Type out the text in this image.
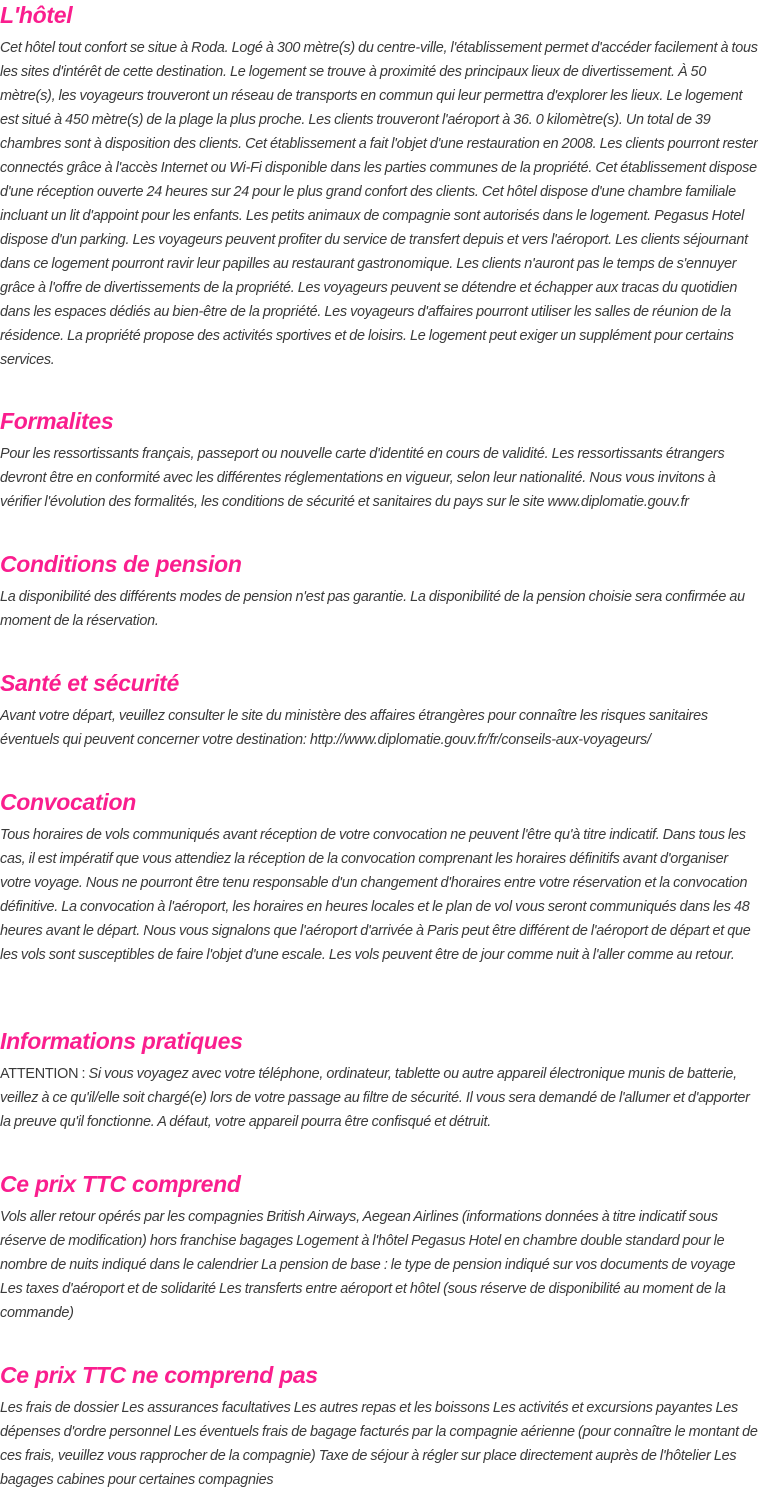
L'hôtel

Cet hôtel tout confort se situe à Roda. Logé à 300 mètre(s) du centre-ville, l'établissement permet d'accéder facilement à tous les sites d'intérêt de cette destination. Le logement se trouve à proximité des principaux lieux de divertissement. À 50 mètre(s), les voyageurs trouveront un réseau de transports en commun qui leur permettra d'explorer les lieux. Le logement est situé à 450 mètre(s) de la plage la plus proche. Les clients trouveront l'aéroport à 36. 0 kilomètre(s). Un total de 39 chambres sont à disposition des clients. Cet établissement a fait l'objet d'une restauration en 2008. Les clients pourront rester connectés grâce à l'accès Internet ou Wi-Fi disponible dans les parties communes de la propriété. Cet établissement dispose d'une réception ouverte 24 heures sur 24 pour le plus grand confort des clients. Cet hôtel dispose d'une chambre familiale incluant un lit d'appoint pour les enfants. Les petits animaux de compagnie sont autorisés dans le logement. Pegasus Hotel dispose d'un parking. Les voyageurs peuvent profiter du service de transfert depuis et vers l'aéroport. Les clients séjournant dans ce logement pourront ravir leur papilles au restaurant gastronomique. Les clients n'auront pas le temps de s'ennuyer grâce à l'offre de divertissements de la propriété. Les voyageurs peuvent se détendre et échapper aux tracas du quotidien dans les espaces dédiés au bien-être de la propriété. Les voyageurs d'affaires pourront utiliser les salles de réunion de la résidence. La propriété propose des activités sportives et de loisirs. Le logement peut exiger un supplément pour certains services.

Formalites

Pour les ressortissants français, passeport ou nouvelle carte d'identité en cours de validité. Les ressortissants étrangers devront être en conformité avec les différentes réglementations en vigueur, selon leur nationalité. Nous vous invitons à vérifier l'évolution des formalités, les conditions de sécurité et sanitaires du pays sur le site www.diplomatie.gouv.fr

Conditions de pension

La disponibilité des différents modes de pension n'est pas garantie. La disponibilité de la pension choisie sera confirmée au moment de la réservation.

Santé et sécurité

Avant votre départ, veuillez consulter le site du ministère des affaires étrangères pour connaître les risques sanitaires éventuels qui peuvent concerner votre destination: http://www.diplomatie.gouv.fr/fr/conseils-aux-voyageurs/

Convocation

Tous horaires de vols communiqués avant réception de votre convocation ne peuvent l'être qu'à titre indicatif. Dans tous les cas, il est impératif que vous attendiez la réception de la convocation comprenant les horaires définitifs avant d'organiser votre voyage. Nous ne pourront être tenu responsable d'un changement d'horaires entre votre réservation et la convocation définitive. La convocation à l'aéroport, les horaires en heures locales et le plan de vol vous seront communiqués dans les 48 heures avant le départ. Nous vous signalons que l'aéroport d'arrivée à Paris peut être différent de l'aéroport de départ et que les vols sont susceptibles de faire l'objet d'une escale. Les vols peuvent être de jour comme nuit à l'aller comme au retour.

Informations pratiques

ATTENTION : Si vous voyagez avec votre téléphone, ordinateur, tablette ou autre appareil électronique munis de batterie, veillez à ce qu'il/elle soit chargé(e) lors de votre passage au filtre de sécurité. Il vous sera demandé de l'allumer et d'apporter la preuve qu'il fonctionne. A défaut, votre appareil pourra être confisqué et détruit.

Ce prix TTC comprend

Vols aller retour opérés par les compagnies British Airways, Aegean Airlines (informations données à titre indicatif sous réserve de modification) hors franchise bagages Logement à l'hôtel Pegasus Hotel en chambre double standard pour le nombre de nuits indiqué dans le calendrier La pension de base : le type de pension indiqué sur vos documents de voyage Les taxes d'aéroport et de solidarité Les transferts entre aéroport et hôtel (sous réserve de disponibilité au moment de la commande)

Ce prix TTC ne comprend pas

Les frais de dossier Les assurances facultatives Les autres repas et les boissons Les activités et excursions payantes Les dépenses d'ordre personnel Les éventuels frais de bagage facturés par la compagnie aérienne (pour connaître le montant de ces frais, veuillez vous rapprocher de la compagnie) Taxe de séjour à régler sur place directement auprès de l'hôtelier Les bagages cabines pour certaines compagnies
